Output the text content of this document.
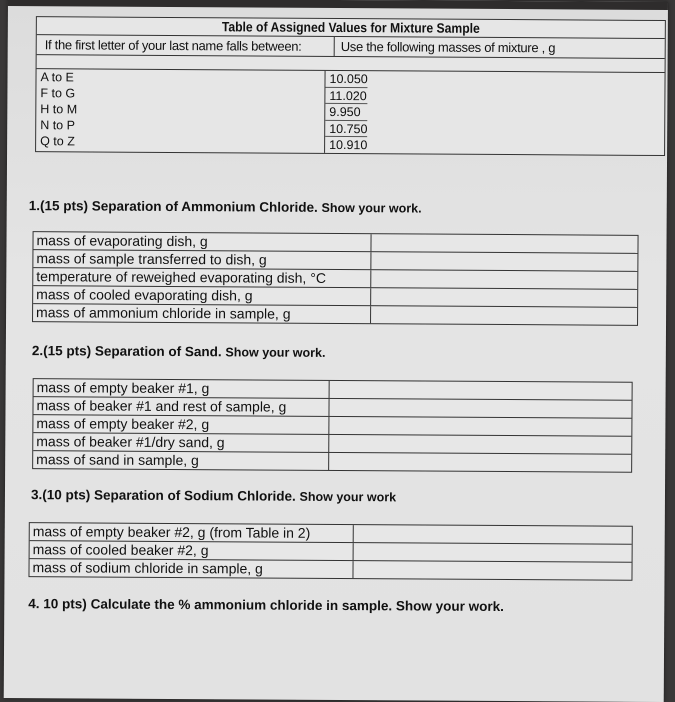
Table of Assigned Values for Mixture Sample
If the first letter of your last name falls between:	Use the following masses of mixture , g
A to E
F to G
H to M
N to P
Q to Z
10.050
11.020
9.950
10.750
10.910
1.(15 pts) Separation of Ammonium Chloride. Show your work.
mass of evaporating dish, g
mass of sample transferred to dish, g
temperature of reweighed evaporating dish, °C
mass of cooled evaporating dish, g
mass of ammonium chloride in sample, g
2.(15 pts) Separation of Sand. Show your work.
mass of empty beaker #1, g
mass of beaker #1 and rest of sample, g
mass of empty beaker #2, g
mass of beaker #1/dry sand, g
mass of sand in sample, g
3.(10 pts) Separation of Sodium Chloride. Show your work
mass of empty beaker #2, g (from Table in 2)
mass of cooled beaker #2, g
mass of sodium chloride in sample, g
4. 10 pts) Calculate the % ammonium chloride in sample. Show your work.
